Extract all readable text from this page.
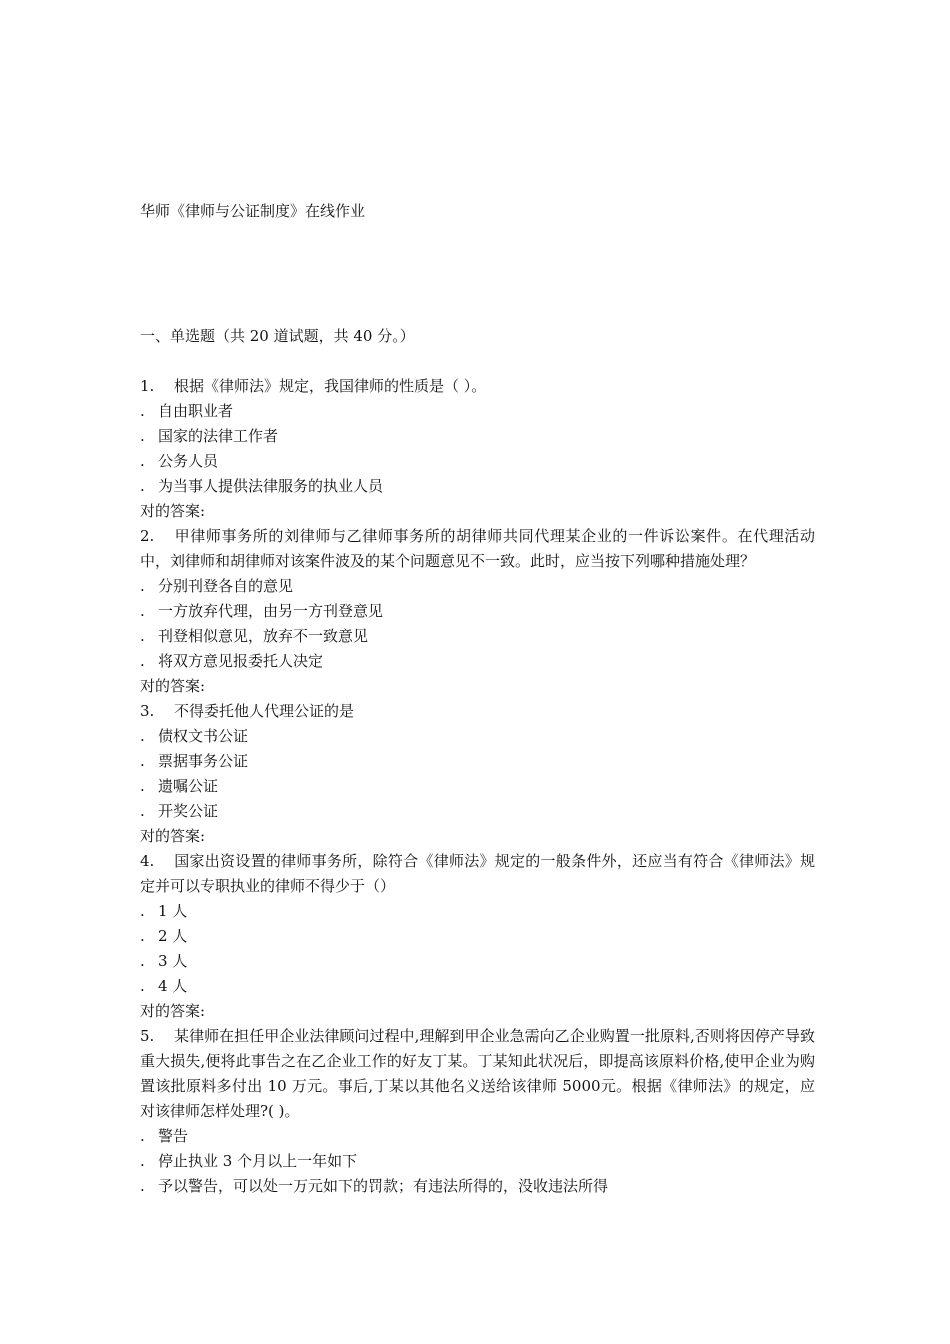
华师《律师与公证制度》在线作业
一、单选题（共 20 道试题，共 40 分。）
1. 根据《律师法》规定，我国律师的性质是（ ）。
. 自由职业者
. 国家的法律工作者
. 公务人员
. 为当事人提供法律服务的执业人员
对的答案:
2. 甲律师事务所的刘律师与乙律师事务所的胡律师共同代理某企业的一件诉讼案件。在代理活动中，刘律师和胡律师对该案件波及的某个问题意见不一致。此时，应当按下列哪种措施处理？
. 分别刊登各自的意见
. 一方放弃代理，由另一方刊登意见
. 刊登相似意见，放弃不一致意见
. 将双方意见报委托人决定
对的答案:
3. 不得委托他人代理公证的是
. 债权文书公证
. 票据事务公证
. 遗嘱公证
. 开奖公证
对的答案:
4. 国家出资设置的律师事务所，除符合《律师法》规定的一般条件外，还应当有符合《律师法》规定并可以专职执业的律师不得少于（）
. 1 人
. 2 人
. 3 人
. 4 人
对的答案:
5. 某律师在担任甲企业法律顾问过程中,理解到甲企业急需向乙企业购置一批原料,否则将因停产导致重大损失,便将此事告之在乙企业工作的好友丁某。丁某知此状况后，即提高该原料价格,使甲企业为购置该批原料多付出 10 万元。事后,丁某以其他名义送给该律师 5000元。根据《律师法》的规定，应对该律师怎样处理?( )。
. 警告
. 停止执业 3 个月以上一年如下
. 予以警告，可以处一万元如下的罚款；有违法所得的，没收违法所得
